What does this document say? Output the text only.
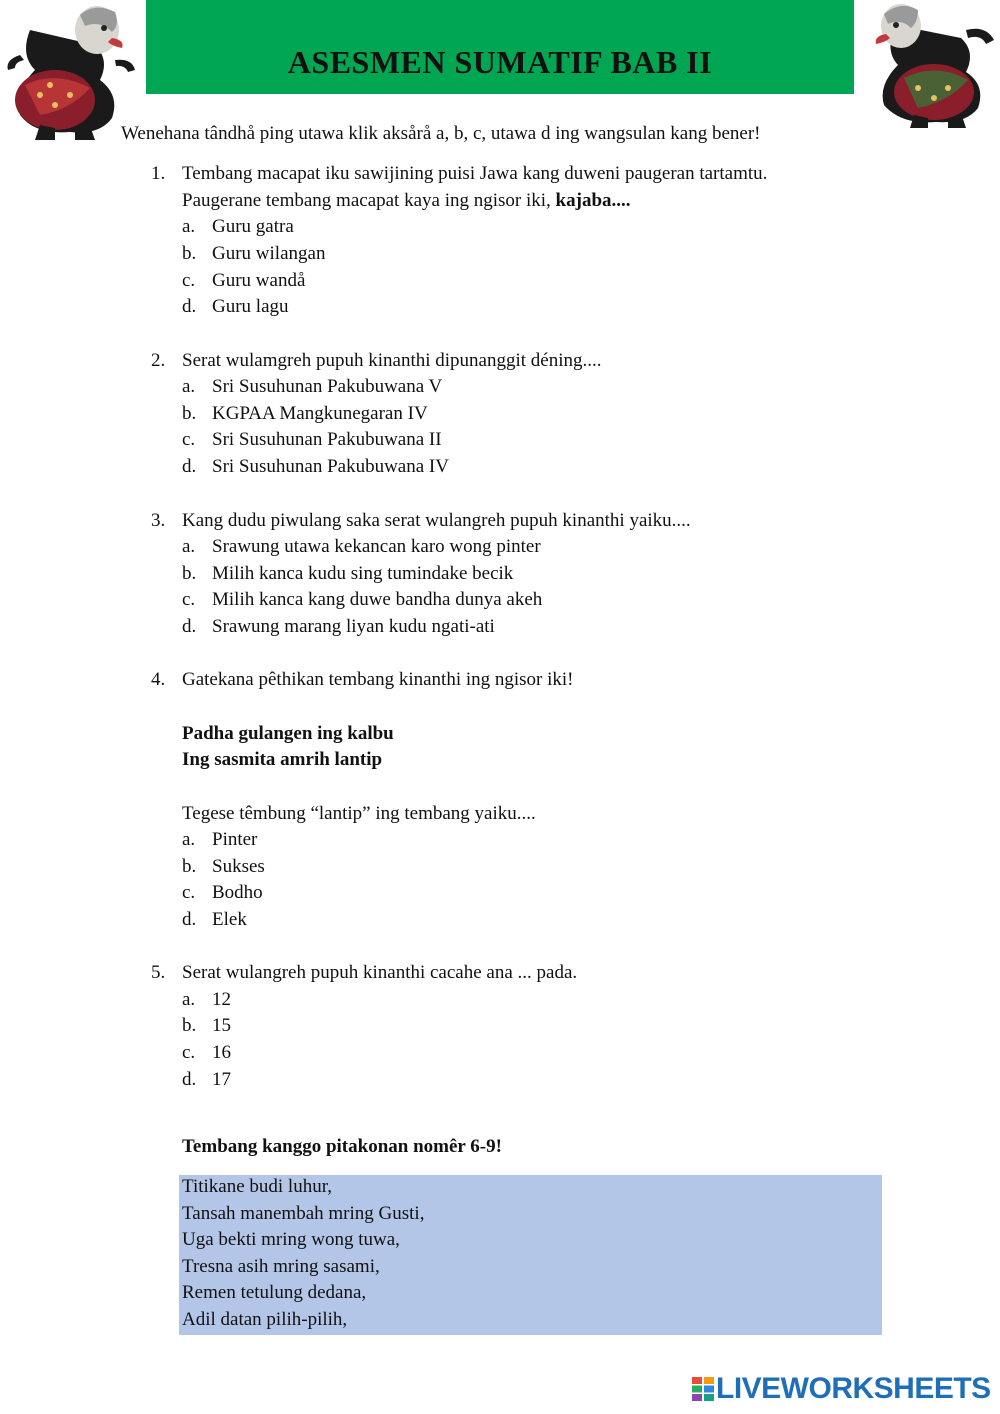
ASESMEN SUMATIF BAB II
Wenehana tândhå ping utawa klik aksårå a, b, c, utawa d ing wangsulan kang bener!
1. Tembang macapat iku sawijining puisi Jawa kang duweni paugeran tartamtu.
Paugerane tembang macapat kaya ing ngisor iki, kajaba....
a. Guru gatra
b. Guru wilangan
c. Guru wandå
d. Guru lagu
2. Serat wulamgreh pupuh kinanthi dipunanggit déning....
a. Sri Susuhunan Pakubuwana V
b. KGPAA Mangkunegaran IV
c. Sri Susuhunan Pakubuwana II
d. Sri Susuhunan Pakubuwana IV
3. Kang dudu piwulang saka serat wulangreh pupuh kinanthi yaiku....
a. Srawung utawa kekancan karo wong pinter
b. Milih kanca kudu sing tumindake becik
c. Milih kanca kang duwe bandha dunya akeh
d. Srawung marang liyan kudu ngati-ati
4. Gatekana pêthikan tembang kinanthi ing ngisor iki!
Padha gulangen ing kalbu
Ing sasmita amrih lantip
Tegese têmbung “lantip” ing tembang yaiku....
a. Pinter
b. Sukses
c. Bodho
d. Elek
5. Serat wulangreh pupuh kinanthi cacahe ana ... pada.
a. 12
b. 15
c. 16
d. 17
Tembang kanggo pitakonan nomêr 6-9!
Titikane budi luhur,
Tansah manembah mring Gusti,
Uga bekti mring wong tuwa,
Tresna asih mring sasami,
Remen tetulung dedana,
Adil datan pilih-pilih,
LIVEWORKSHEETS
